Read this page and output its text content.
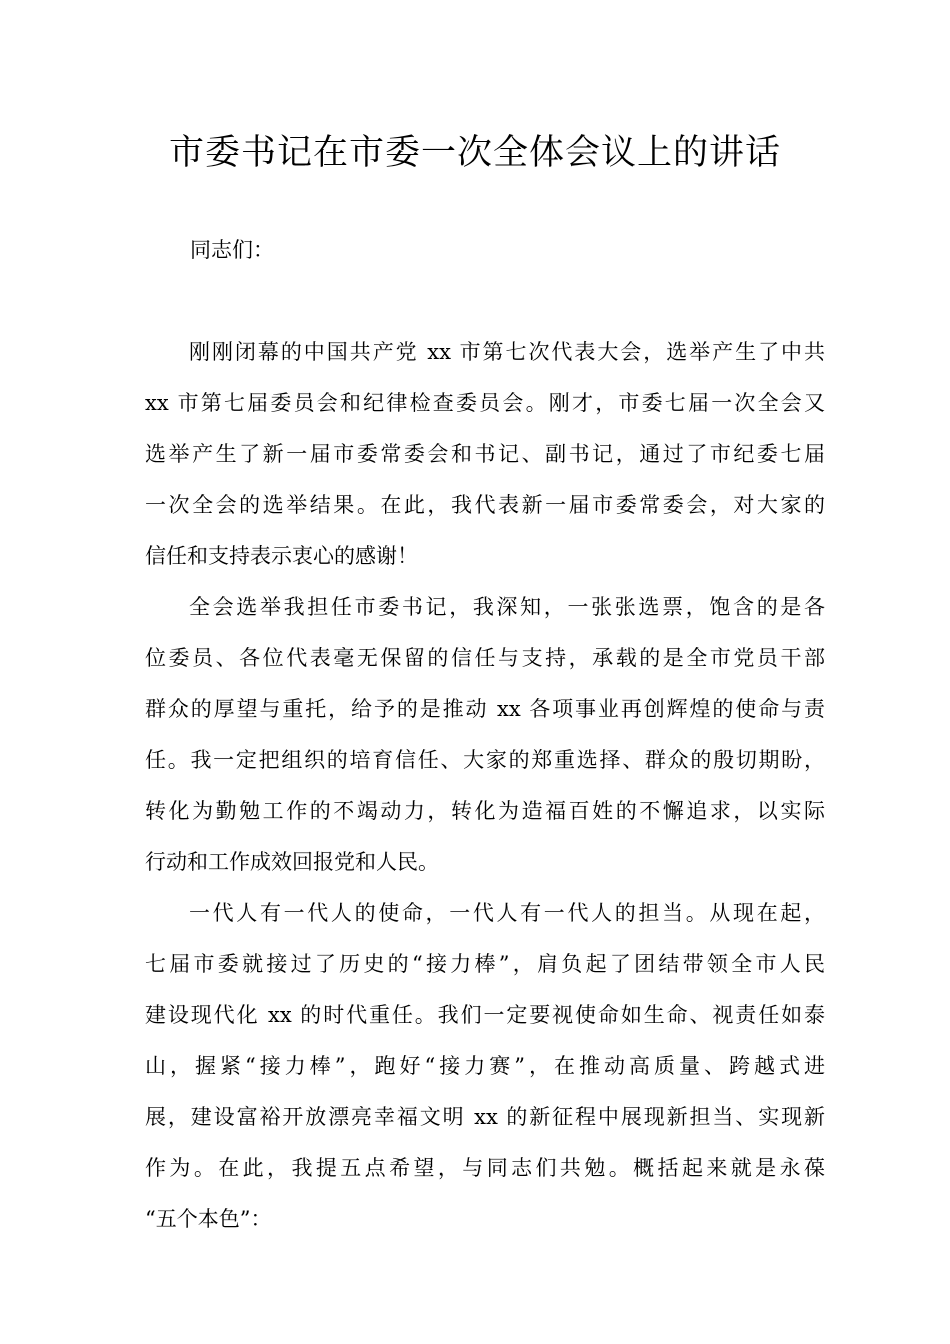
市委书记在市委一次全体会议上的讲话

同志们：

刚刚闭幕的中国共产党 xx 市第七次代表大会，选举产生了中共
xx 市第七届委员会和纪律检查委员会。刚才，市委七届一次全会又
选举产生了新一届市委常委会和书记、副书记，通过了市纪委七届
一次全会的选举结果。在此，我代表新一届市委常委会，对大家的
信任和支持表示衷心的感谢！
全会选举我担任市委书记，我深知，一张张选票，饱含的是各
位委员、各位代表毫无保留的信任与支持，承载的是全市党员干部
群众的厚望与重托，给予的是推动 xx 各项事业再创辉煌的使命与责
任。我一定把组织的培育信任、大家的郑重选择、群众的殷切期盼，
转化为勤勉工作的不竭动力，转化为造福百姓的不懈追求，以实际
行动和工作成效回报党和人民。
一代人有一代人的使命，一代人有一代人的担当。从现在起，
七届市委就接过了历史的“接力棒”，肩负起了团结带领全市人民
建设现代化 xx 的时代重任。我们一定要视使命如生命、视责任如泰
山，握紧“接力棒”，跑好“接力赛”，在推动高质量、跨越式进
展，建设富裕开放漂亮幸福文明 xx 的新征程中展现新担当、实现新
作为。在此，我提五点希望，与同志们共勉。概括起来就是永葆
“五个本色”：
